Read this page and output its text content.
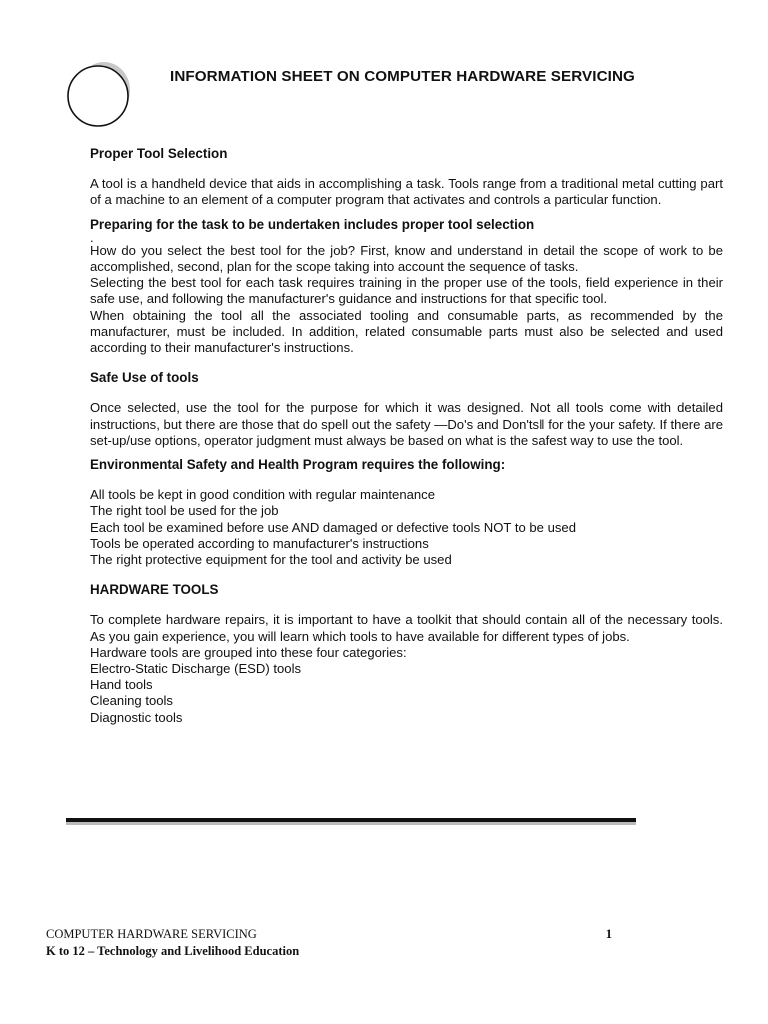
INFORMATION SHEET ON COMPUTER HARDWARE SERVICING

Proper Tool Selection

A tool is a handheld device that aids in accomplishing a task. Tools range from a traditional metal cutting part of a machine to an element of a computer program that activates and controls a particular function.

Preparing for the task to be undertaken includes proper tool selection

.

How do you select the best tool for the job? First, know and understand in detail the scope of work to be accomplished, second, plan for the scope taking into account the sequence of tasks.

Selecting the best tool for each task requires training in the proper use of the tools, field experience in their safe use, and following the manufacturer's guidance and instructions for that specific tool.

When obtaining the tool all the associated tooling and consumable parts, as recommended by the manufacturer, must be included. In addition, related consumable parts must also be selected and used according to their manufacturer's instructions.

Safe Use of tools

Once selected, use the tool for the purpose for which it was designed. Not all tools come with detailed instructions, but there are those that do spell out the safety —Do's and Don'ts‖ for the your safety. If there are set-up/use options, operator judgment must always be based on what is the safest way to use the tool.

Environmental Safety and Health Program requires the following:

All tools be kept in good condition with regular maintenance
The right tool be used for the job
Each tool be examined before use AND damaged or defective tools NOT to be used
Tools be operated according to manufacturer's instructions
The right protective equipment for the tool and activity be used

HARDWARE TOOLS

To complete hardware repairs, it is important to have a toolkit that should contain all of the necessary tools. As you gain experience, you will learn which tools to have available for different types of jobs.

Hardware tools are grouped into these four categories:

Electro-Static Discharge (ESD) tools
Hand tools
Cleaning tools
Diagnostic tools
COMPUTER HARDWARE SERVICING
K to 12 – Technology and Livelihood Education
1
